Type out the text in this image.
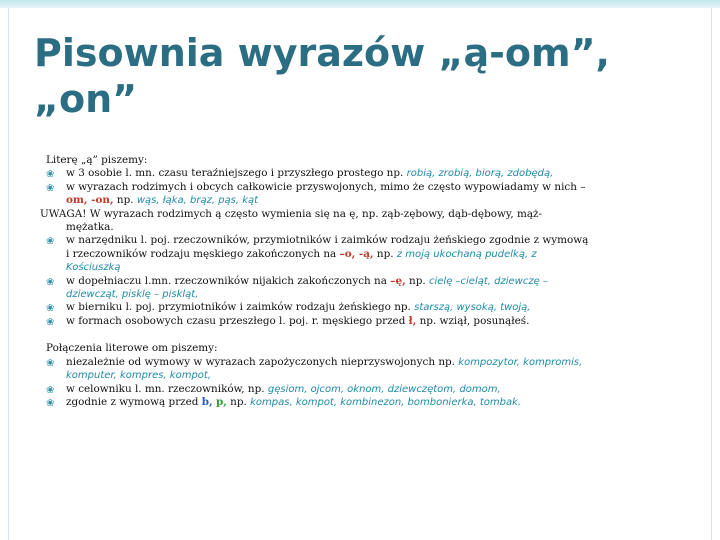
Pisownia wyrazów „ą-om”,
„on”
Literę „ą” piszemy:
❀ w 3 osobie l. mn. czasu teraźniejszego i przyszłego prostego np. robią, zrobią, biorą, zdobędą,
❀ w wyrazach rodzimych i obcych całkowicie przyswojonych, mimo że często wypowiadamy w nich –
om, -on, np. wąs, łąka, brąz, pąs, kąt
UWAGA! W wyrazach rodzimych ą często wymienia się na ę, np. ząb-zębowy, dąb-dębowy, mąż-
mężatka.
❀ w narzędniku l. poj. rzeczowników, przymiotników i zaimków rodzaju żeńskiego zgodnie z wymową
i rzeczowników rodzaju męskiego zakończonych na –o, -ą, np. z moją ukochaną pudelką, z
Kościuszką
❀ w dopełniaczu l.mn. rzeczowników nijakich zakończonych na –ę, np. cielę –cieląt, dziewczę –
dziewcząt, pisklę – piskląt,
❀ w bierniku l. poj. przymiotników i zaimków rodzaju żeńskiego np. starszą, wysoką, twoją,
❀ w formach osobowych czasu przeszłego l. poj. r. męskiego przed ł, np. wziął, posunąłeś.
Połączenia literowe om piszemy:
❀ niezależnie od wymowy w wyrazach zapożyczonych nieprzyswojonych np. kompozytor, kompromis,
komputer, kompres, kompot,
❀ w celowniku l. mn. rzeczowników, np. gęsiom, ojcom, oknom, dziewczętom, domom,
❀ zgodnie z wymową przed b, p, np. kompas, kompot, kombinezon, bombonierka, tombak.
